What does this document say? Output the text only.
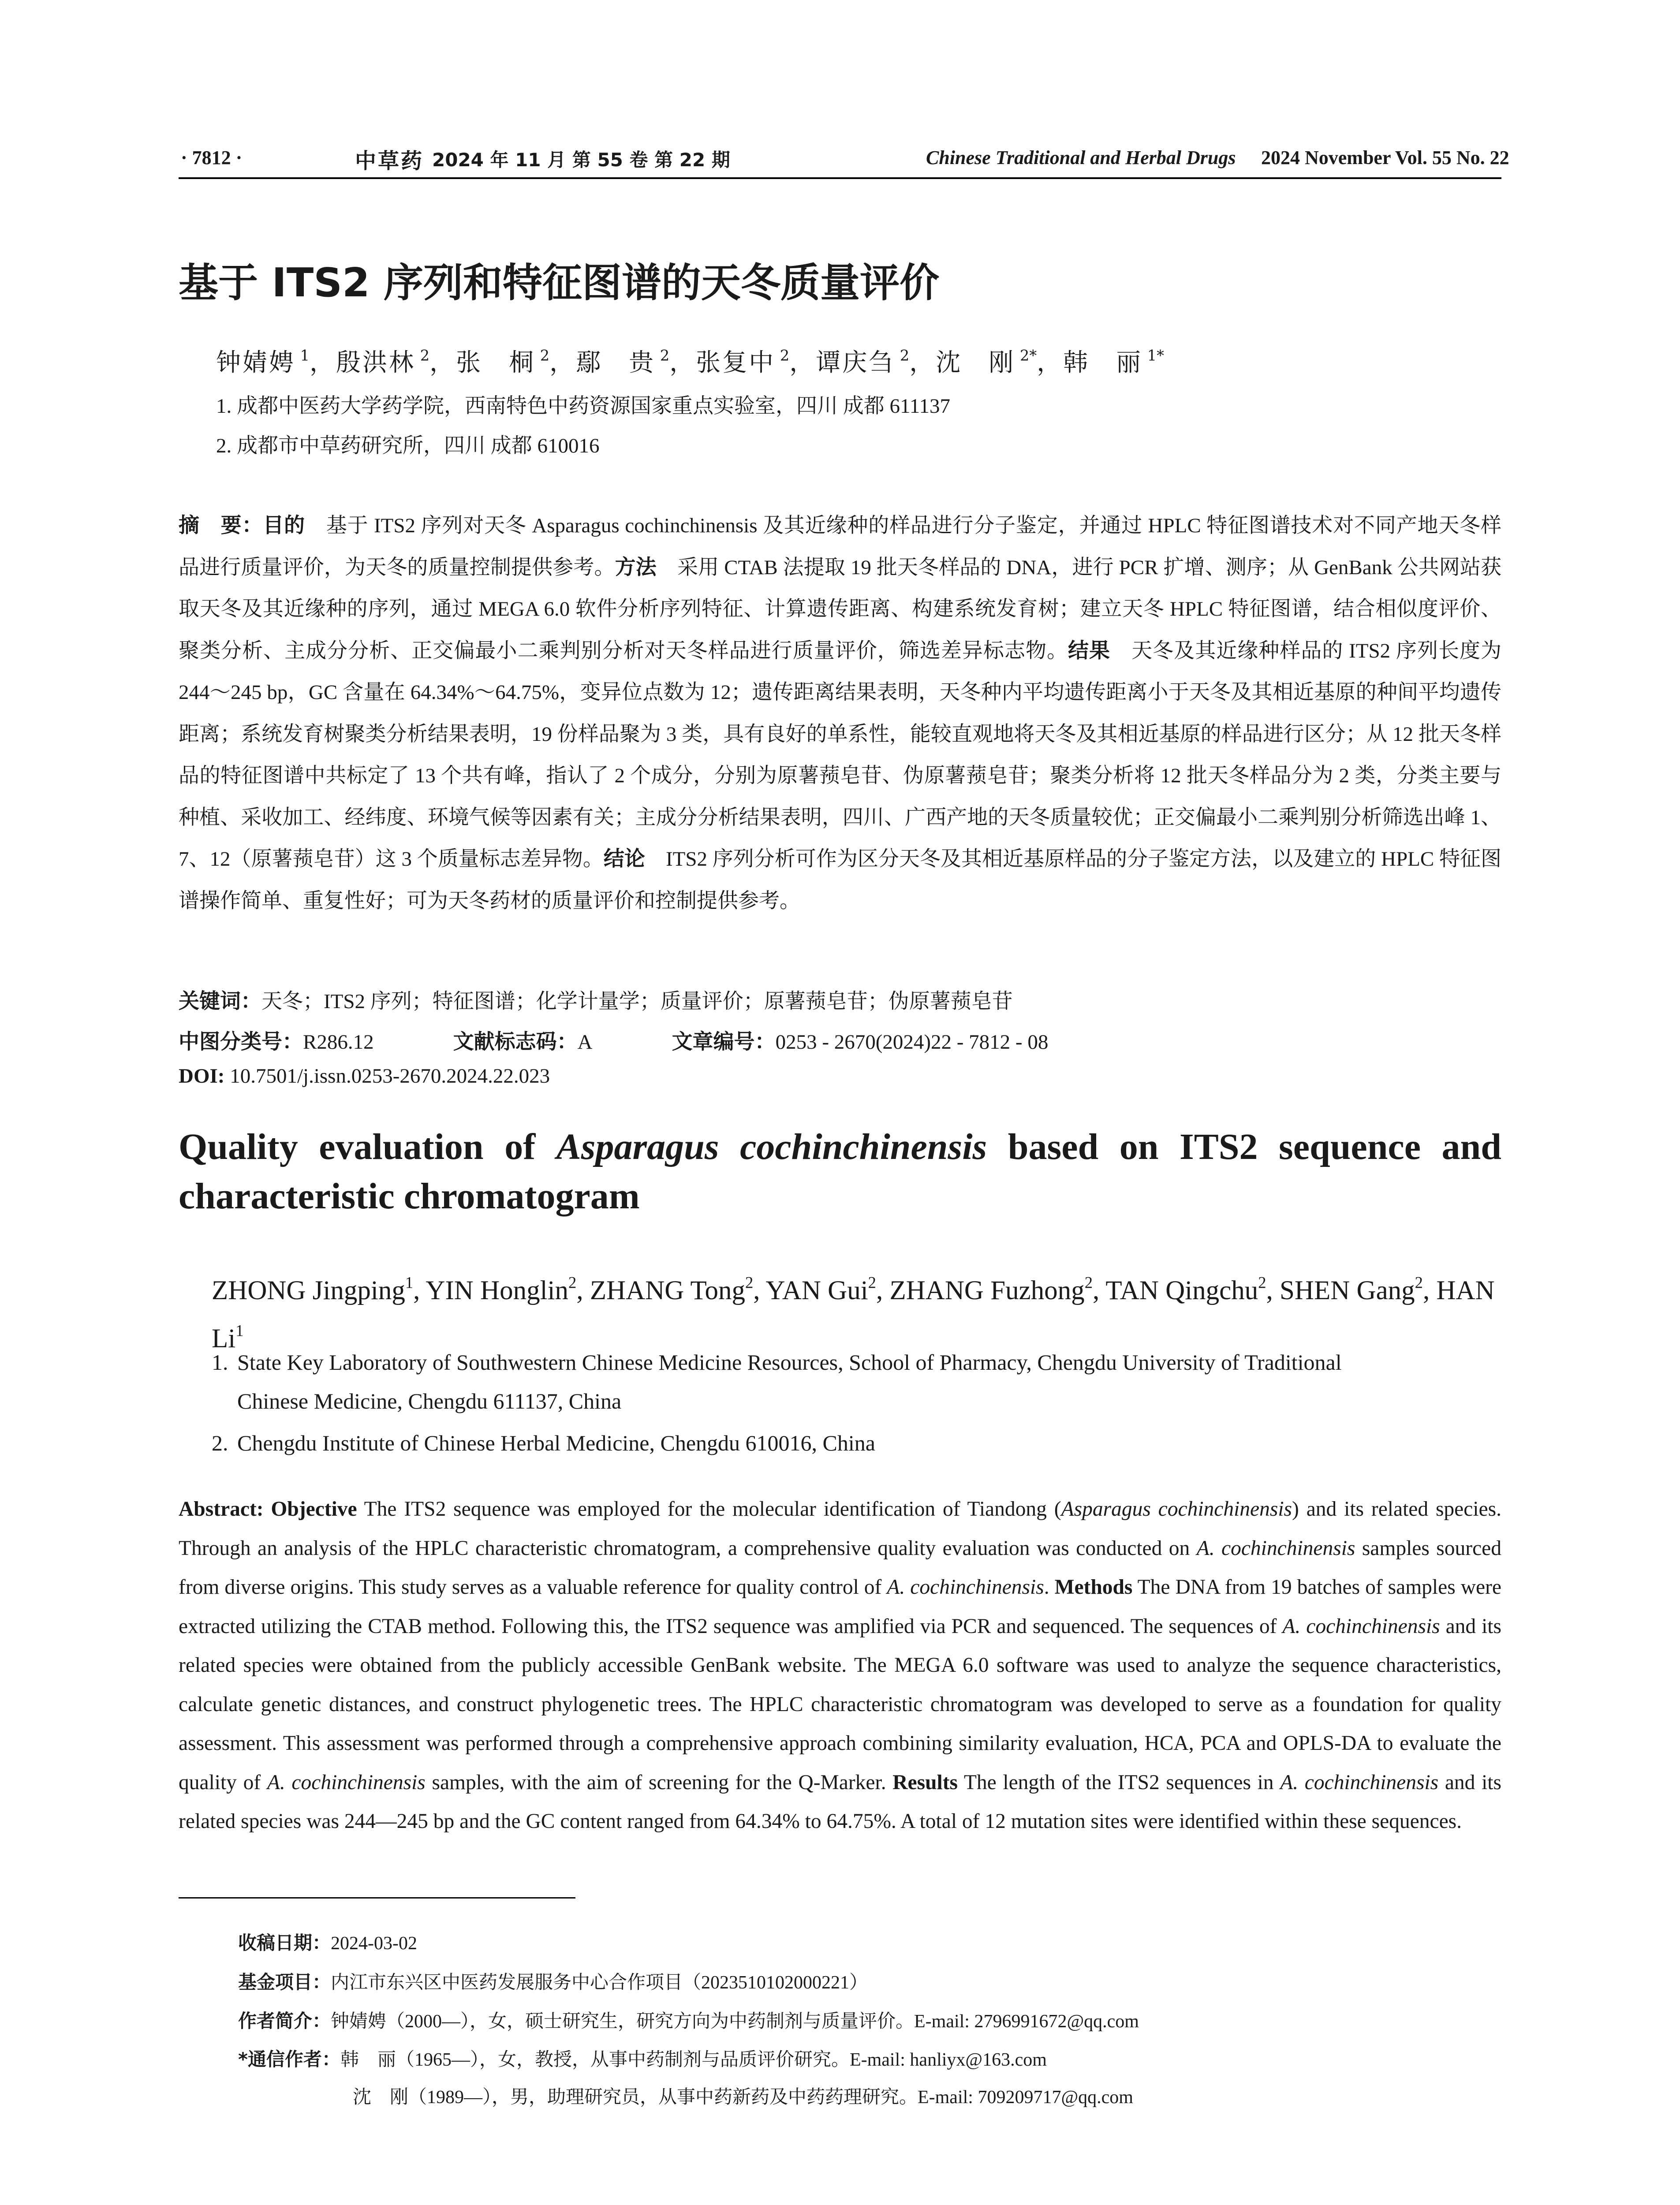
· 7812 ·	中草药 2024 年 11 月 第 55 卷 第 22 期	Chinese Traditional and Herbal Drugs 2024 November Vol. 55 No. 22
基于 ITS2 序列和特征图谱的天冬质量评价
钟婧娉 $^1$，殷洪林 $^2$，张　桐 $^2$，鄢　贵 $^2$，张复中 $^2$，谭庆刍 $^2$，沈　刚 $^{2*}$，韩　丽 $^{1*}$
1. 成都中医药大学药学院，西南特色中药资源国家重点实验室，四川 成都 611137
2. 成都市中草药研究所，四川 成都 610016
摘　要：目的　基于 ITS2 序列对天冬 Asparagus cochinchinensis 及其近缘种的样品进行分子鉴定，并通过 HPLC 特征图谱技术对不同产地天冬样品进行质量评价，为天冬的质量控制提供参考。方法　采用 CTAB 法提取 19 批天冬样品的 DNA，进行 PCR 扩增、测序；从 GenBank 公共网站获取天冬及其近缘种的序列，通过 MEGA 6.0 软件分析序列特征、计算遗传距离、构建系统发育树；建立天冬 HPLC 特征图谱，结合相似度评价、聚类分析、主成分分析、正交偏最小二乘判别分析对天冬样品进行质量评价，筛选差异标志物。结果　天冬及其近缘种样品的 ITS2 序列长度为 244～245 bp，GC 含量在 64.34%～64.75%，变异位点数为 12；遗传距离结果表明，天冬种内平均遗传距离小于天冬及其相近基原的种间平均遗传距离；系统发育树聚类分析结果表明，19 份样品聚为 3 类，具有良好的单系性，能较直观地将天冬及其相近基原的样品进行区分；从 12 批天冬样品的特征图谱中共标定了 13 个共有峰，指认了 2 个成分，分别为原薯蓣皂苷、伪原薯蓣皂苷；聚类分析将 12 批天冬样品分为 2 类，分类主要与种植、采收加工、经纬度、环境气候等因素有关；主成分分析结果表明，四川、广西产地的天冬质量较优；正交偏最小二乘判别分析筛选出峰 1、7、12（原薯蓣皂苷）这 3 个质量标志差异物。结论　ITS2 序列分析可作为区分天冬及其相近基原样品的分子鉴定方法，以及建立的 HPLC 特征图谱操作简单、重复性好；可为天冬药材的质量评价和控制提供参考。
关键词：天冬；ITS2 序列；特征图谱；化学计量学；质量评价；原薯蓣皂苷；伪原薯蓣皂苷
中图分类号：R286.12	文献标志码：A	文章编号：0253 - 2670(2024)22 - 7812 - 08
DOI: 10.7501/j.issn.0253-2670.2024.22.023
Quality evaluation of Asparagus cochinchinensis based on ITS2 sequence and characteristic chromatogram
ZHONG Jingping$^1$, YIN Honglin$^2$, ZHANG Tong$^2$, YAN Gui$^2$, ZHANG Fuzhong$^2$, TAN Qingchu$^2$, SHEN Gang$^2$, HAN Li$^1$
1. State Key Laboratory of Southwestern Chinese Medicine Resources, School of Pharmacy, Chengdu University of Traditional
Chinese Medicine, Chengdu 611137, China
2. Chengdu Institute of Chinese Herbal Medicine, Chengdu 610016, China
Abstract: Objective The ITS2 sequence was employed for the molecular identification of Tiandong (Asparagus cochinchinensis) and its related species. Through an analysis of the HPLC characteristic chromatogram, a comprehensive quality evaluation was conducted on A. cochinchinensis samples sourced from diverse origins. This study serves as a valuable reference for quality control of A. cochinchinensis. Methods The DNA from 19 batches of samples were extracted utilizing the CTAB method. Following this, the ITS2 sequence was amplified via PCR and sequenced. The sequences of A. cochinchinensis and its related species were obtained from the publicly accessible GenBank website. The MEGA 6.0 software was used to analyze the sequence characteristics, calculate genetic distances, and construct phylogenetic trees. The HPLC characteristic chromatogram was developed to serve as a foundation for quality assessment. This assessment was performed through a comprehensive approach combining similarity evaluation, HCA, PCA and OPLS-DA to evaluate the quality of A. cochinchinensis samples, with the aim of screening for the Q-Marker. Results The length of the ITS2 sequences in A. cochinchinensis and its related species was 244—245 bp and the GC content ranged from 64.34% to 64.75%. A total of 12 mutation sites were identified within these sequences.
收稿日期：2024-03-02
基金项目：内江市东兴区中医药发展服务中心合作项目（2023510102000221）
作者简介：钟婧娉（2000—），女，硕士研究生，研究方向为中药制剂与质量评价。E-mail: 2796991672@qq.com
*通信作者：韩　丽（1965—），女，教授，从事中药制剂与品质评价研究。E-mail: hanliyx@163.com
沈　刚（1989—），男，助理研究员，从事中药新药及中药药理研究。E-mail: 709209717@qq.com
